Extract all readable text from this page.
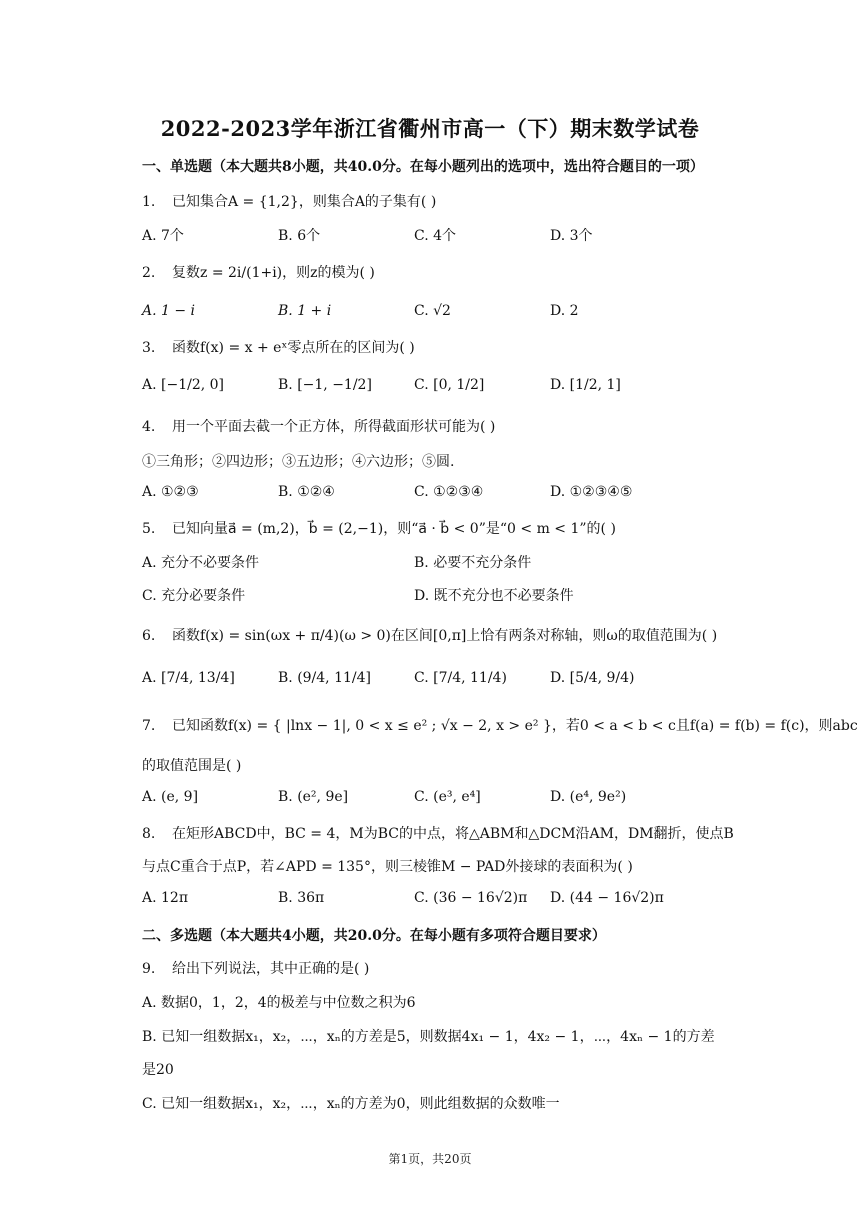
2022-2023学年浙江省衢州市高一（下）期末数学试卷
一、单选题（本大题共8小题，共40.0分。在每小题列出的选项中，选出符合题目的一项）
1. 已知集合A = {1,2}，则集合A的子集有( )
A. 7个	B. 6个	C. 4个	D. 3个
2. 复数z = 2i/(1+i)，则z的模为( )
A. 1 − i	B. 1 + i	C. √2	D. 2
3. 函数f(x) = x + eˣ零点所在的区间为( )
A. [−1/2, 0]	B. [−1, −1/2]	C. [0, 1/2]	D. [1/2, 1]
4. 用一个平面去截一个正方体，所得截面形状可能为( )
①三角形；②四边形；③五边形；④六边形；⑤圆.
A. ①②③	B. ①②④	C. ①②③④	D. ①②③④⑤
5. 已知向量a⃗ = (m,2)，b⃗ = (2,−1)，则“a⃗ · b⃗ < 0”是“0 < m < 1”的( )
A. 充分不必要条件	B. 必要不充分条件
C. 充分必要条件	D. 既不充分也不必要条件
6. 函数f(x) = sin(ωx + π/4)(ω > 0)在区间[0,π]上恰有两条对称轴，则ω的取值范围为( )
A. [7/4, 13/4]	B. (9/4, 11/4]	C. [7/4, 11/4)	D. [5/4, 9/4)
7. 已知函数f(x) = { |lnx − 1|, 0 < x ≤ e² ; √x − 2, x > e² }，若0 < a < b < c且f(a) = f(b) = f(c)，则abc
的取值范围是( )
A. (e, 9]	B. (e², 9e]	C. (e³, e⁴]	D. (e⁴, 9e²)
8. 在矩形ABCD中，BC = 4，M为BC的中点，将△ABM和△DCM沿AM，DM翻折，使点B
与点C重合于点P，若∠APD = 135°，则三棱锥M − PAD外接球的表面积为( )
A. 12π	B. 36π	C. (36 − 16√2)π D. (44 − 16√2)π
二、多选题（本大题共4小题，共20.0分。在每小题有多项符合题目要求）
9. 给出下列说法，其中正确的是( )
A. 数据0，1，2，4的极差与中位数之积为6
B. 已知一组数据x₁，x₂，⋯，xₙ的方差是5，则数据4x₁ − 1，4x₂ − 1，⋯，4xₙ − 1的方差
是20
C. 已知一组数据x₁，x₂，⋯，xₙ的方差为0，则此组数据的众数唯一
第1页，共20页
